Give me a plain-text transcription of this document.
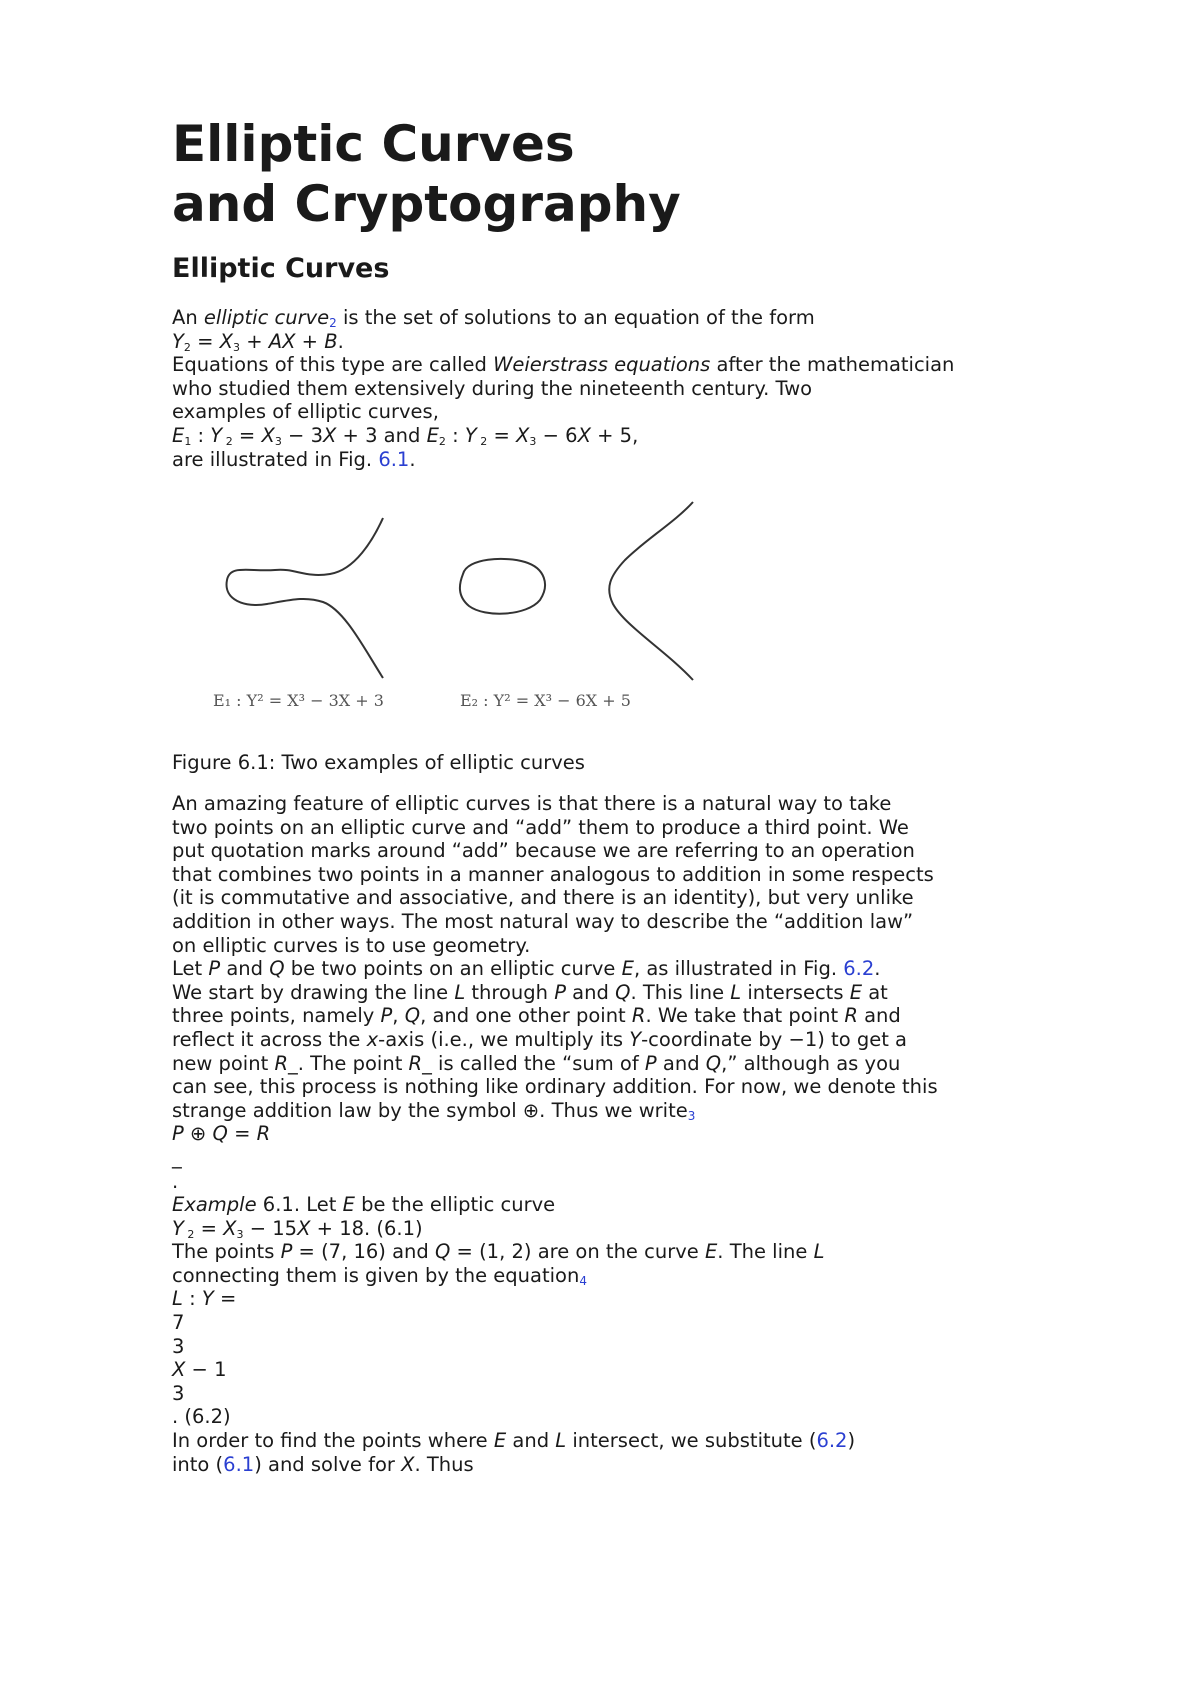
Elliptic Curves
and Cryptography
Elliptic Curves
An elliptic curve2 is the set of solutions to an equation of the form
Y2 = X3 + AX + B.
Equations of this type are called Weierstrass equations after the mathematician
who studied them extensively during the nineteenth century. Two
examples of elliptic curves,
E1 : Y 2 = X3 − 3X + 3 and E2 : Y 2 = X3 − 6X + 5,
are illustrated in Fig. 6.1.
E₁ : Y² = X³ − 3X + 3	E₂ : Y² = X³ − 6X + 5
Figure 6.1: Two examples of elliptic curves
An amazing feature of elliptic curves is that there is a natural way to take
two points on an elliptic curve and “add” them to produce a third point. We
put quotation marks around “add” because we are referring to an operation
that combines two points in a manner analogous to addition in some respects
(it is commutative and associative, and there is an identity), but very unlike
addition in other ways. The most natural way to describe the “addition law”
on elliptic curves is to use geometry.
Let P and Q be two points on an elliptic curve E, as illustrated in Fig. 6.2.
We start by drawing the line L through P and Q. This line L intersects E at
three points, namely P, Q, and one other point R. We take that point R and
reflect it across the x-axis (i.e., we multiply its Y-coordinate by −1) to get a
new point R_. The point R_ is called the “sum of P and Q,” although as you
can see, this process is nothing like ordinary addition. For now, we denote this
strange addition law by the symbol ⊕. Thus we write3
P ⊕ Q = R
_
.
Example 6.1. Let E be the elliptic curve
Y 2 = X3 − 15X + 18. (6.1)
The points P = (7, 16) and Q = (1, 2) are on the curve E. The line L
connecting them is given by the equation4
L : Y =
7
3
X − 1
3
. (6.2)
In order to find the points where E and L intersect, we substitute (6.2)
into (6.1) and solve for X. Thus
